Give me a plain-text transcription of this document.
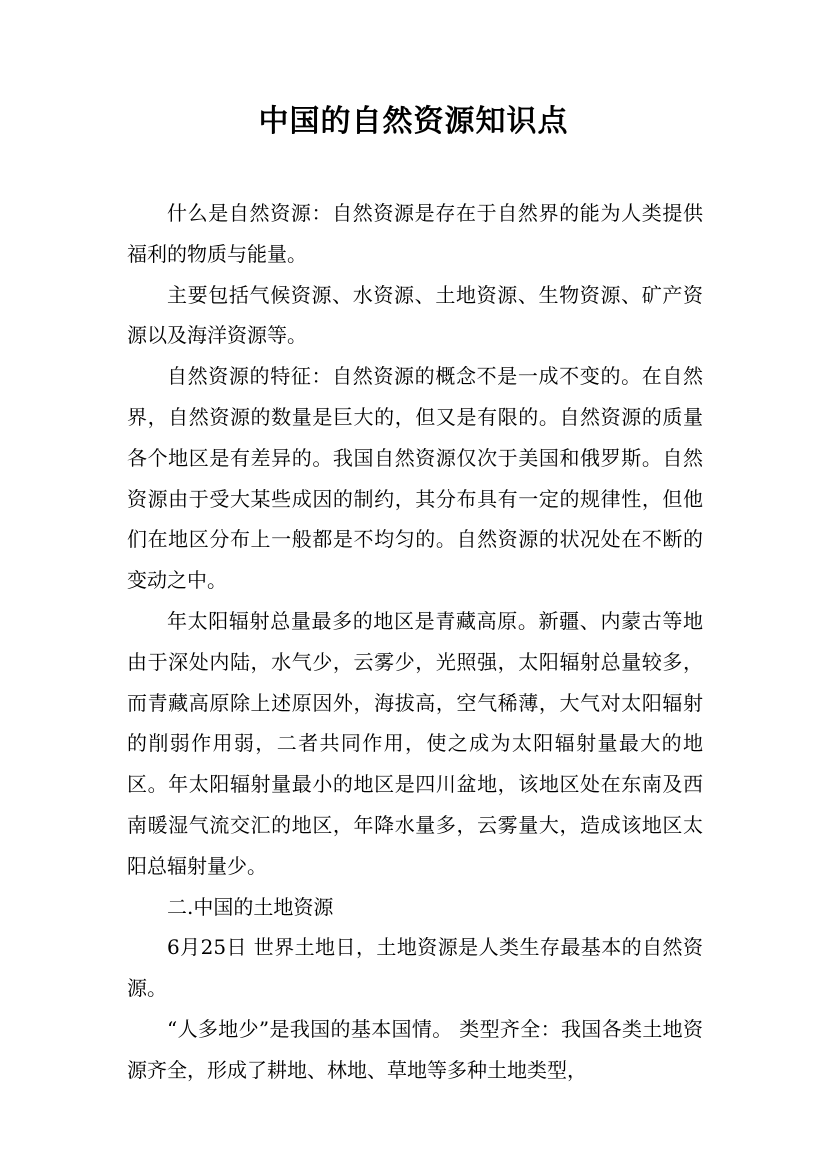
中国的自然资源知识点

什么是自然资源：自然资源是存在于自然界的能为人类提供福利的物质与能量。

主要包括气候资源、水资源、土地资源、生物资源、矿产资源以及海洋资源等。

自然资源的特征：自然资源的概念不是一成不变的。在自然界，自然资源的数量是巨大的，但又是有限的。自然资源的质量各个地区是有差异的。我国自然资源仅次于美国和俄罗斯。自然资源由于受大某些成因的制约，其分布具有一定的规律性，但他们在地区分布上一般都是不均匀的。自然资源的状况处在不断的变动之中。

年太阳辐射总量最多的地区是青藏高原。新疆、内蒙古等地由于深处内陆，水气少，云雾少，光照强，太阳辐射总量较多，而青藏高原除上述原因外，海拔高，空气稀薄，大气对太阳辐射的削弱作用弱，二者共同作用，使之成为太阳辐射量最大的地区。年太阳辐射量最小的地区是四川盆地，该地区处在东南及西南暖湿气流交汇的地区，年降水量多，云雾量大，造成该地区太阳总辐射量少。

二.中国的土地资源

6月25日 世界土地日，土地资源是人类生存最基本的自然资源。

“人多地少”是我国的基本国情。 类型齐全：我国各类土地资源齐全，形成了耕地、林地、草地等多种土地类型，
